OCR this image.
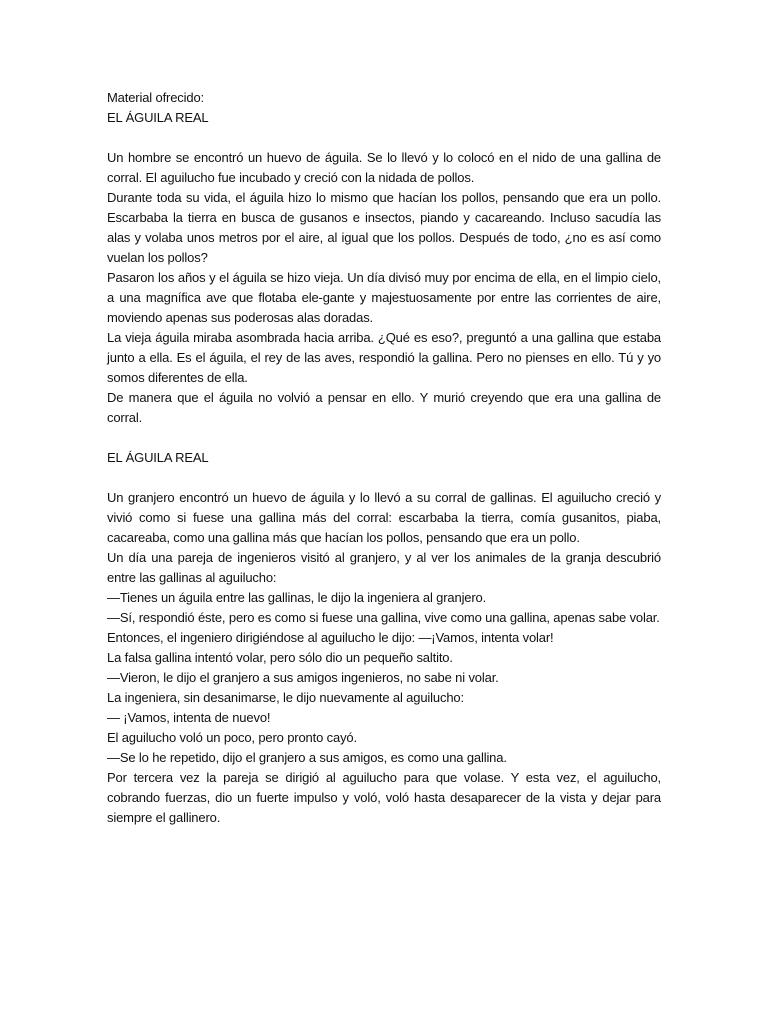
Material ofrecido:

EL ÁGUILA REAL

Un hombre se encontró un huevo de águila. Se lo llevó y lo colocó en el nido de una gallina de corral. El aguilucho fue incubado y creció con la nidada de pollos.

Durante toda su vida, el águila hizo lo mismo que hacían los pollos, pensando que era un pollo. Escarbaba la tierra en busca de gusanos e insectos, piando y cacareando. Incluso sacudía las alas y volaba unos metros por el aire, al igual que los pollos. Después de todo, ¿no es así como vuelan los pollos?

Pasaron los años y el águila se hizo vieja. Un día divisó muy por encima de ella, en el limpio cielo, a una magnífica ave que flotaba ele-gante y majestuosamente por entre las corrientes de aire, moviendo apenas sus poderosas alas doradas.

La vieja águila miraba asombrada hacia arriba. ¿Qué es eso?, preguntó a una gallina que estaba junto a ella. Es el águila, el rey de las aves, respondió la gallina. Pero no pienses en ello. Tú y yo somos diferentes de ella.

De manera que el águila no volvió a pensar en ello. Y murió creyendo que era una gallina de corral.

EL ÁGUILA REAL

Un granjero encontró un huevo de águila y lo llevó a su corral de gallinas. El aguilucho creció y vivió como si fuese una gallina más del corral: escarbaba la tierra, comía gusanitos, piaba, cacareaba, como una gallina más que hacían los pollos, pensando que era un pollo.

Un día una pareja de ingenieros visitó al granjero, y al ver los animales de la granja descubrió entre las gallinas al aguilucho:

—Tienes un águila entre las gallinas, le dijo la ingeniera al granjero.

—Sí, respondió éste, pero es como si fuese una gallina, vive como una gallina, apenas sabe volar.

Entonces, el ingeniero dirigiéndose al aguilucho le dijo: —¡Vamos, intenta volar!

La falsa gallina intentó volar, pero sólo dio un pequeño saltito.

—Vieron, le dijo el granjero a sus amigos ingenieros, no sabe ni volar.

La ingeniera, sin desanimarse, le dijo nuevamente al aguilucho:

— ¡Vamos, intenta de nuevo!

El aguilucho voló un poco, pero pronto cayó.

—Se lo he repetido, dijo el granjero a sus amigos, es como una gallina.

Por tercera vez la pareja se dirigió al aguilucho para que volase. Y esta vez, el aguilucho, cobrando fuerzas, dio un fuerte impulso y voló, voló hasta desaparecer de la vista y dejar para siempre el gallinero.
